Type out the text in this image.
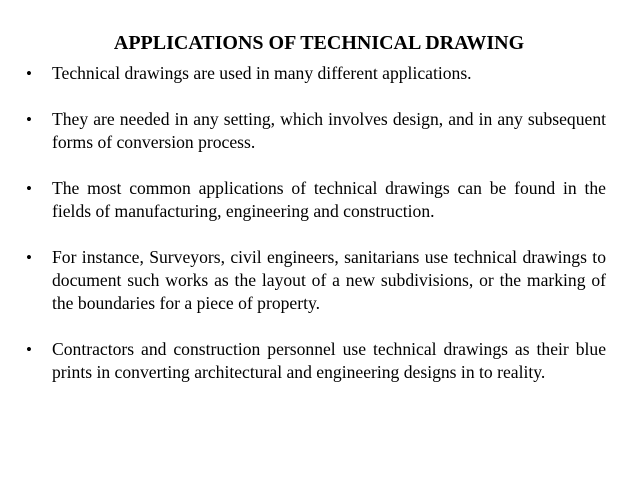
APPLICATIONS OF TECHNICAL DRAWING
• Technical drawings are used in many different applications.
• They are needed in any setting, which involves design, and in any subsequent forms of conversion process.
• The most common applications of technical drawings can be found in the fields of manufacturing, engineering and construction.
• For instance, Surveyors, civil engineers, sanitarians use technical drawings to document such works as the layout of a new subdivisions, or the marking of the boundaries for a piece of property.
• Contractors and construction personnel use technical drawings as their blue prints in converting architectural and engineering designs in to reality.
